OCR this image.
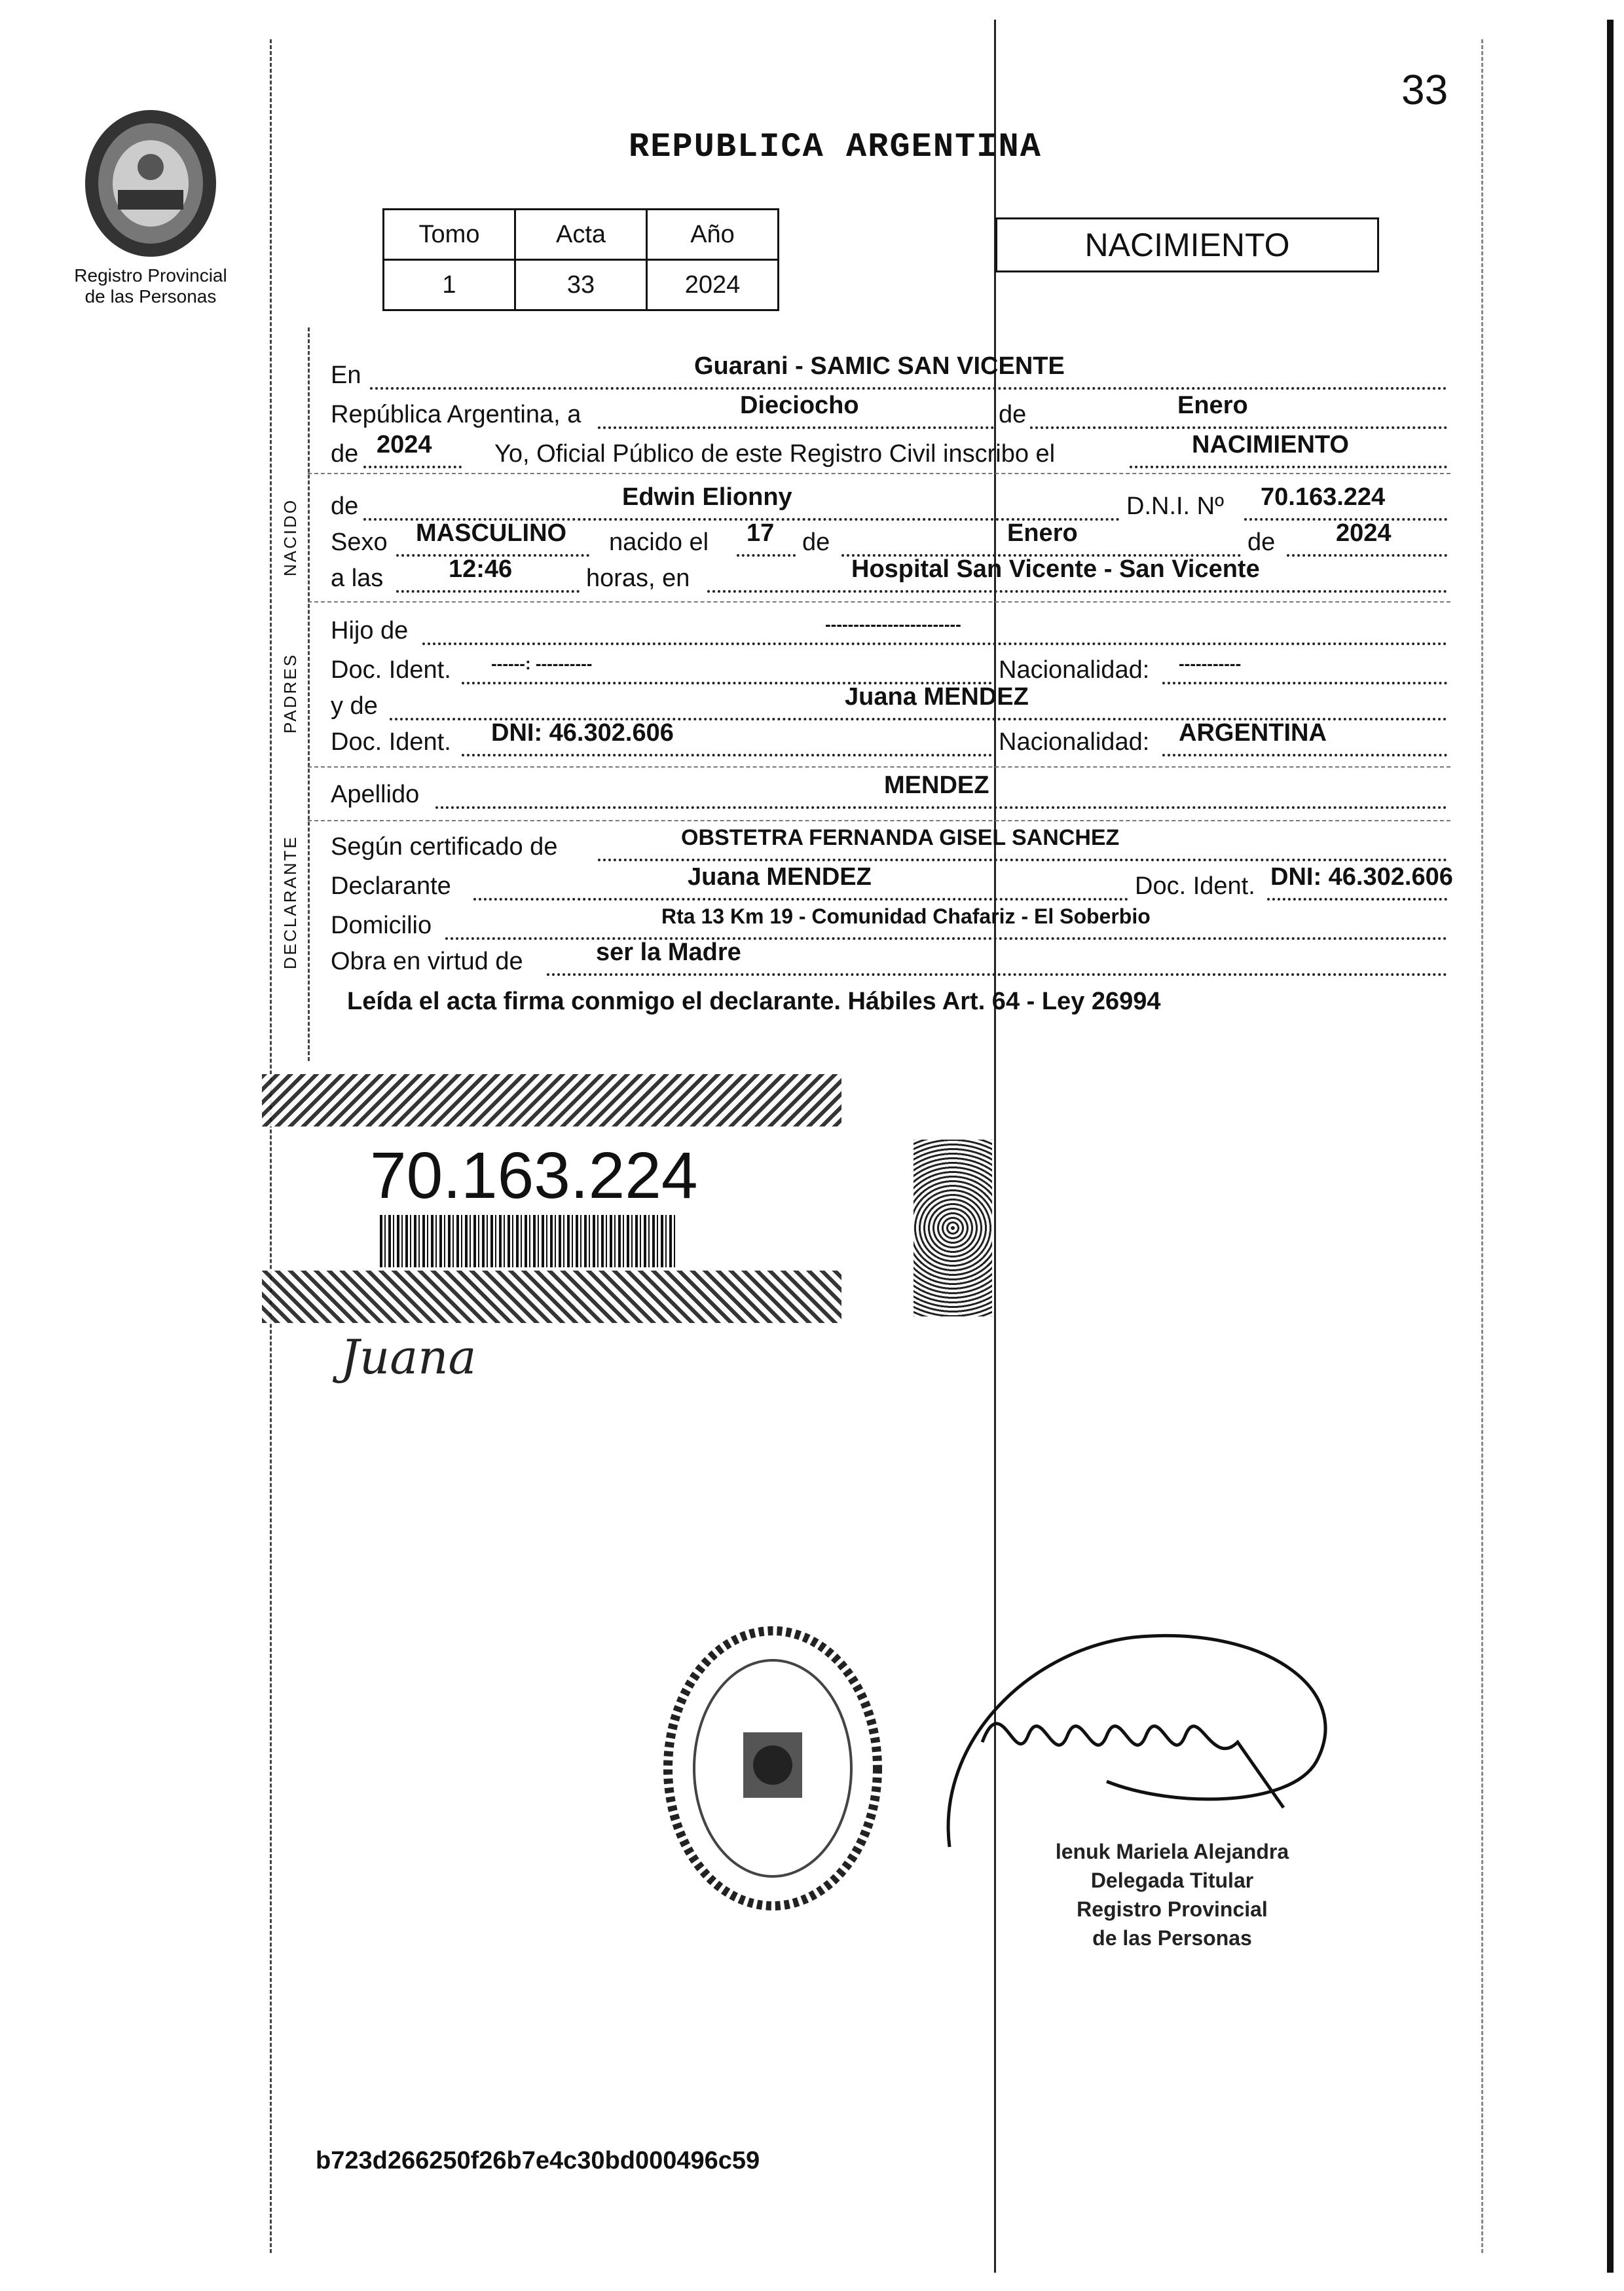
33
Registro Provincial
de las Personas
REPUBLICA ARGENTINA
Tomo	Acta	Año
1	33	2024
NACIMIENTO
NACIDO
PADRES
DECLARANTE
En	Guarani - SAMIC SAN VICENTE
República Argentina, a	Dieciocho	de	Enero
de 2024	Yo, Oficial Público de este Registro Civil inscribo el	NACIMIENTO
de	Edwin Elionny	D.N.I. Nº 70.163.224
Sexo MASCULINO nacido el 17 de	Enero	de 2024
a las	12:46	horas, en	Hospital San Vicente - San Vicente
Hijo de	------------------------
Doc. Ident. ------: ----------	Nacionalidad: -----------
y de	Juana MENDEZ
Doc. Ident. DNI: 46.302.606	Nacionalidad: ARGENTINA
Apellido	MENDEZ
Según certificado de	OBSTETRA FERNANDA GISEL SANCHEZ
Declarante	Juana MENDEZ	Doc. Ident. DNI: 46.302.606
Domicilio	Rta 13 Km 19 - Comunidad Chafariz - El Soberbio
Obra en virtud de	ser la Madre
Leída el acta firma conmigo el declarante. Hábiles Art. 64 - Ley 26994
70.163.224
Juana
lenuk Mariela Alejandra
Delegada Titular
Registro Provincial
de las Personas
b723d266250f26b7e4c30bd000496c59
